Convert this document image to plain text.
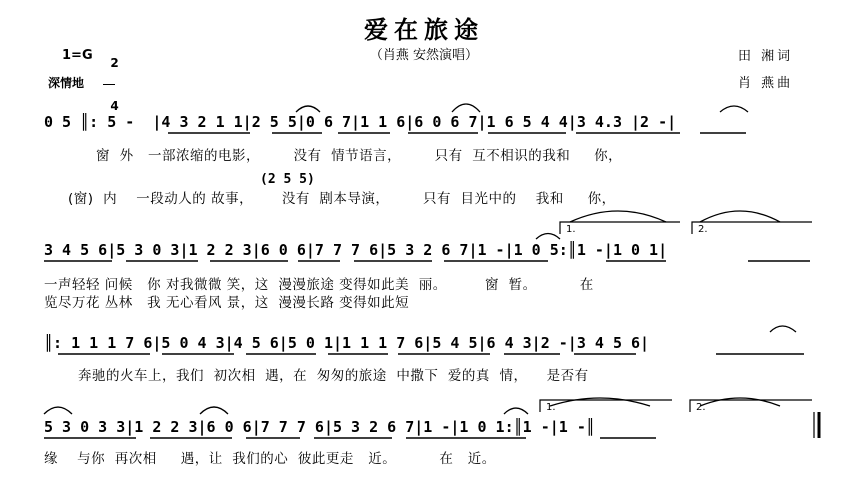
爱在旅途
（肖燕 安然演唱）
1=G	2

4

深情地
田 湘词
肖 燕曲
0 5 ║: 5 -  |4 3 2 1 1|2 5 5|0 6 7|1 1 6|6 0 6 7|1 6 5 4 4|3 4.3 |2 -|
窗  外   一部浓缩的电影，       没有  情节语言，       只有  互不相识的我和     你，
(2 5 5)
(窗)  内    一段动人的 故事，      没有  剧本导演，       只有  目光中的    我和     你，
3 4 5 6|5 3 0 3|1 2 2 3|6 0 6|7 7 7 6|5 3 2 6 7|1 -|1 0 5:║1 -|1 0 1|
一声轻轻 问候   你 对我微微 笑，这  漫漫旅途 变得如此美  丽。        窗  暂。         在
览尽万花 丛林   我 无心看风 景，这  漫漫长路 变得如此短
║: 1 1 1 7 6|5 0 4 3|4 5 6|5 0 1|1 1 1 7 6|5 4 5|6 4 3|2 -|3 4 5 6|
奔驰的火车上，我们  初次相  遇，在  匆匆的旅途  中撒下  爱的真  情，    是否有
5 3 0 3 3|1 2 2 3|6 0 6|7 7 7 6|5 3 2 6 7|1 -|1 0 1:║1 -|1 -║
缘    与你  再次相     遇，让  我们的心  彼此更走   近。         在   近。
1.	2.
1.	2.
